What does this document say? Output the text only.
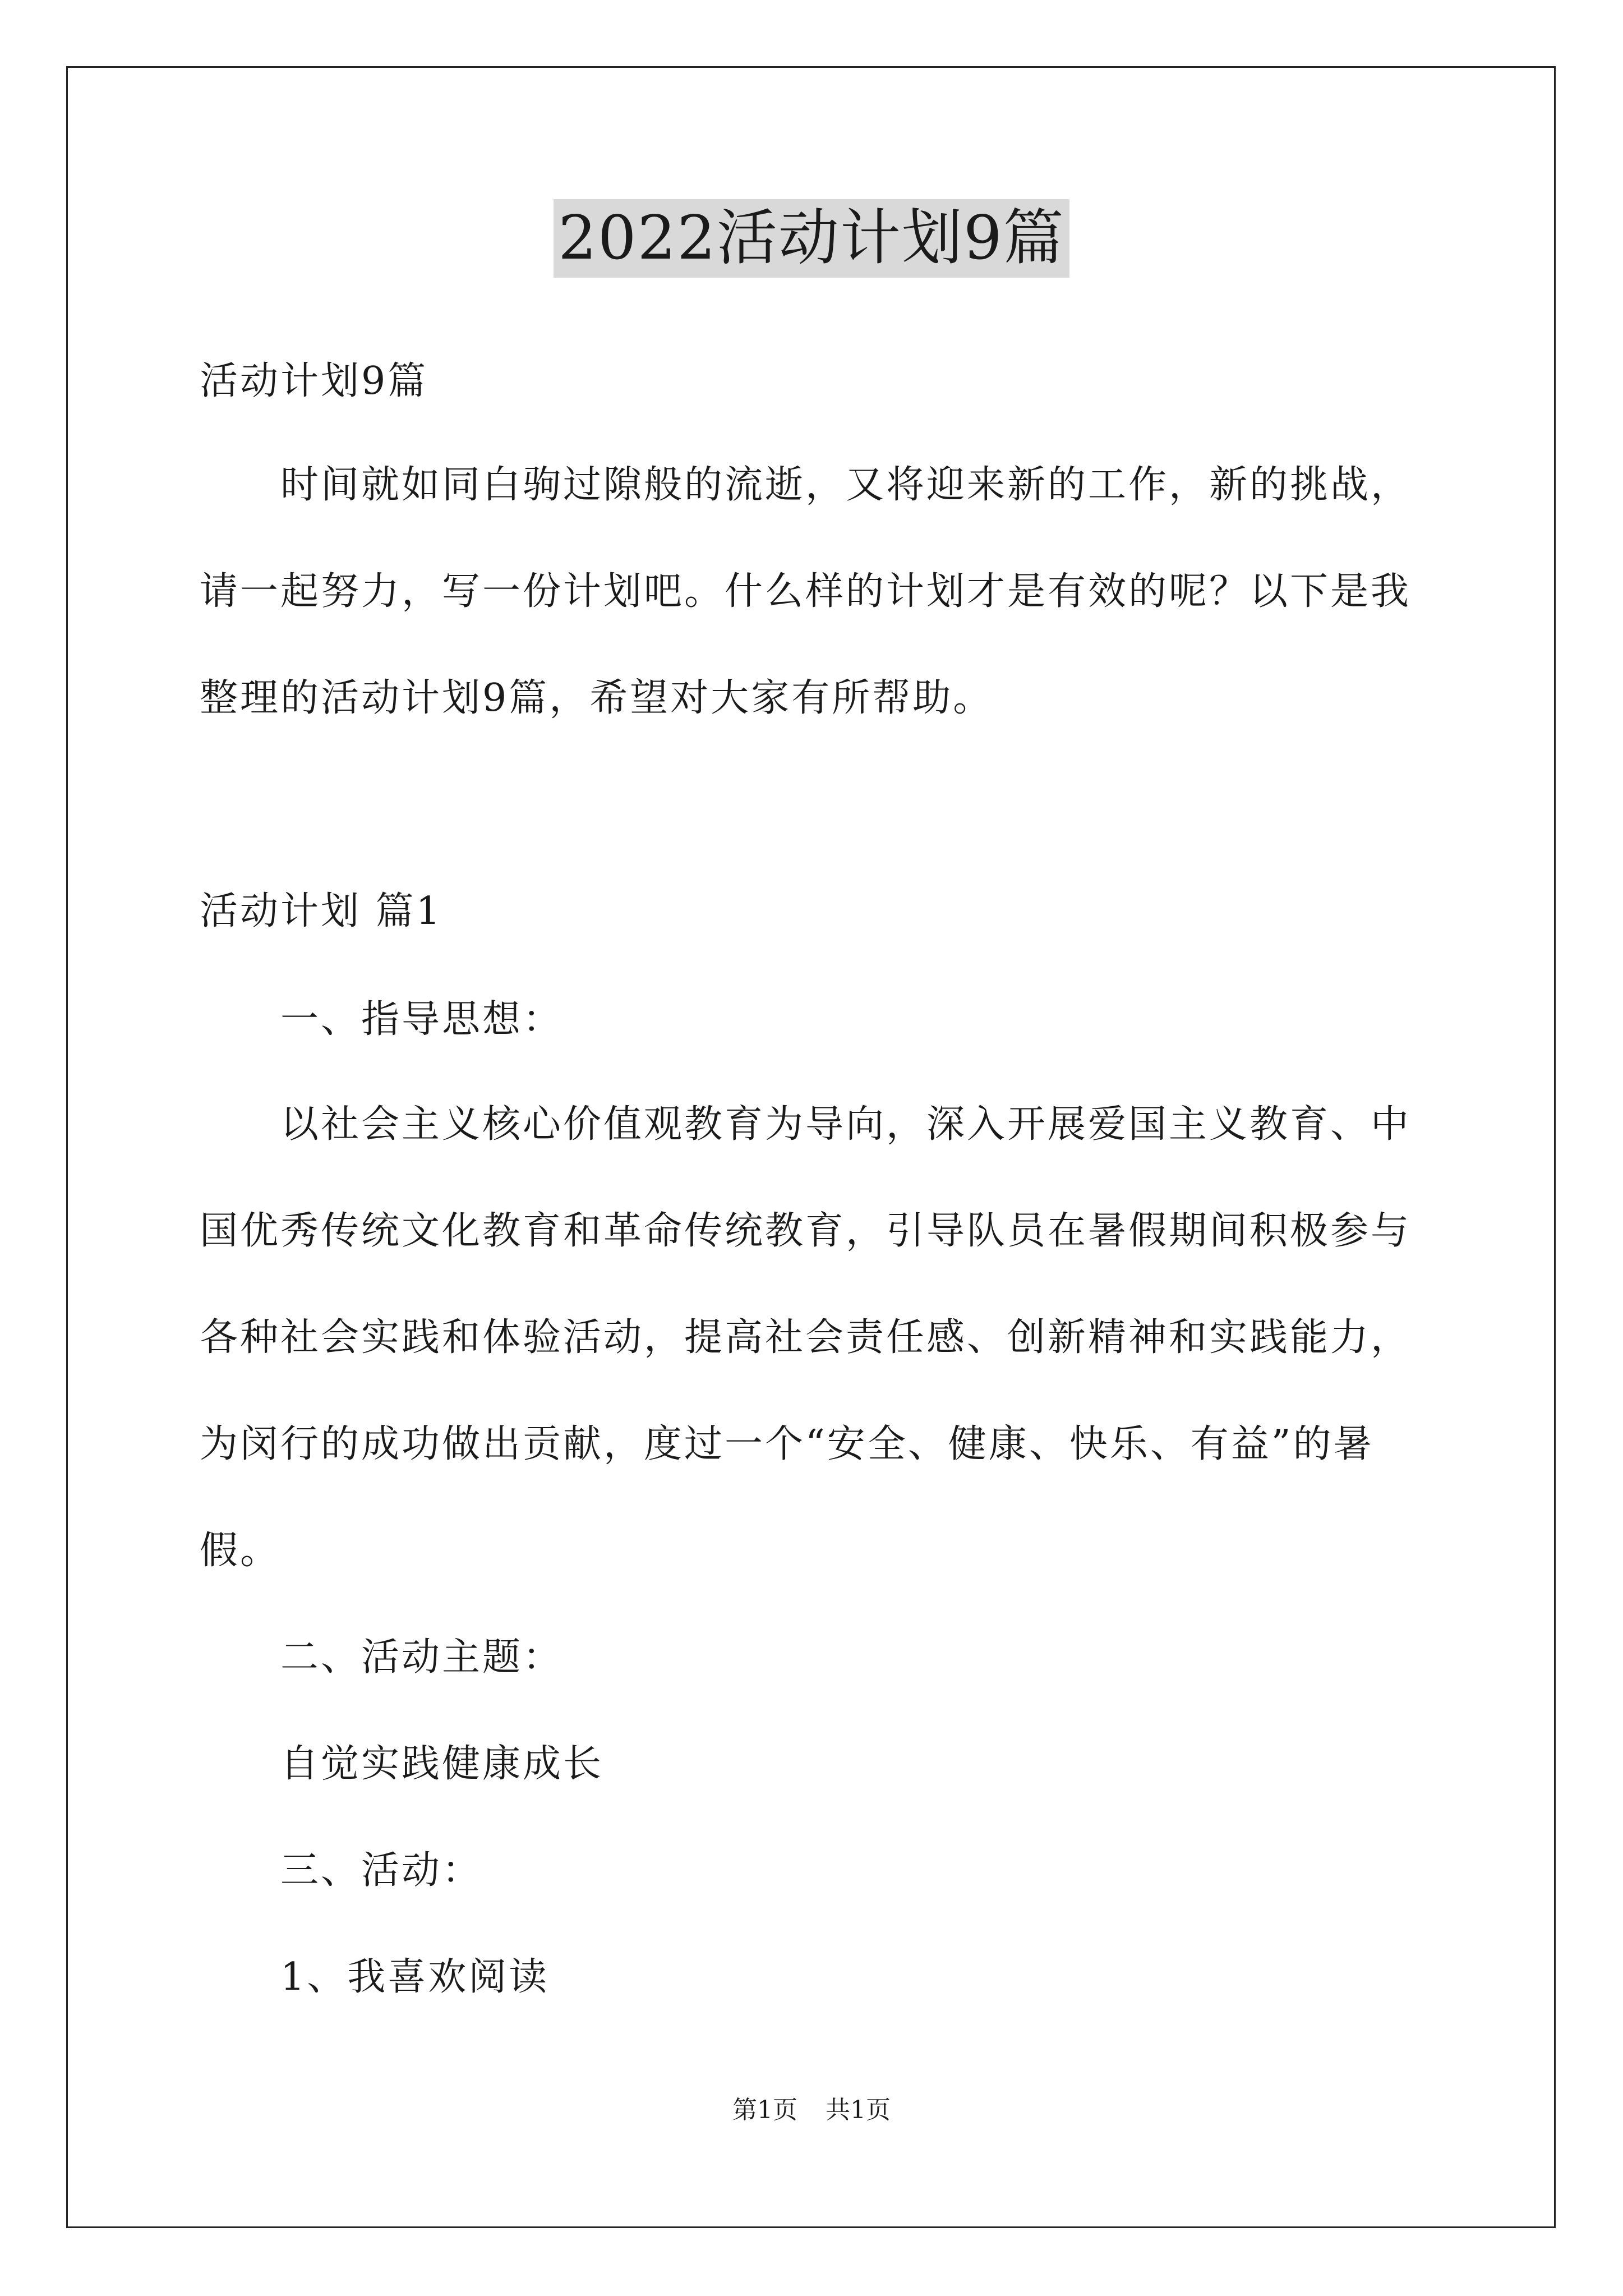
2022活动计划9篇
活动计划9篇
时间就如同白驹过隙般的流逝，又将迎来新的工作，新的挑战，
请一起努力，写一份计划吧。什么样的计划才是有效的呢？以下是我
整理的活动计划9篇，希望对大家有所帮助。
活动计划 篇1
一、指导思想：
以社会主义核心价值观教育为导向，深入开展爱国主义教育、中
国优秀传统文化教育和革命传统教育，引导队员在暑假期间积极参与
各种社会实践和体验活动，提高社会责任感、创新精神和实践能力，
为闵行的成功做出贡献，度过一个“安全、健康、快乐、有益”的暑
假。
二、活动主题：
自觉实践健康成长
三、活动：
1、我喜欢阅读
第1页 共1页
